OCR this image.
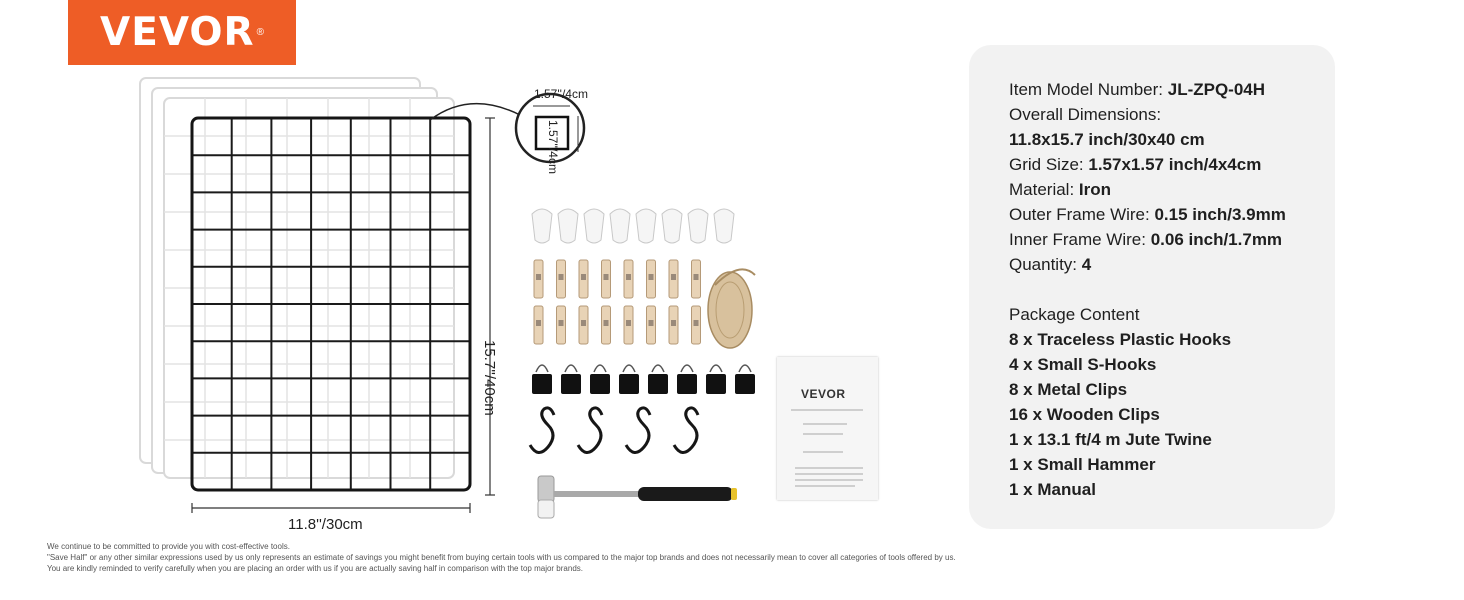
VEVOR ®
1.57''/4cm
1.57''/4cm
15.7''/40cm
11.8''/30cm
VEVOR
Item Model Number: JL-ZPQ-04H
Overall Dimensions:
11.8x15.7 inch/30x40 cm
Grid Size: 1.57x1.57 inch/4x4cm
Material: Iron
Outer Frame Wire: 0.15 inch/3.9mm
Inner Frame Wire: 0.06 inch/1.7mm
Quantity: 4
Package Content
8 x Traceless Plastic Hooks
4 x Small S-Hooks
8 x Metal Clips
16 x Wooden Clips
1 x 13.1 ft/4 m Jute Twine
1 x Small Hammer
1 x Manual
We continue to be committed to provide you with cost-effective tools.
"Save Half" or any other similar expressions used by us only represents an estimate of savings you might benefit from buying certain tools with us compared to the major top brands and does not necessarily mean to cover all categories of tools offered by us.
You are kindly reminded to verify carefully when you are placing an order with us if you are actually saving half in comparison with the top major brands.
